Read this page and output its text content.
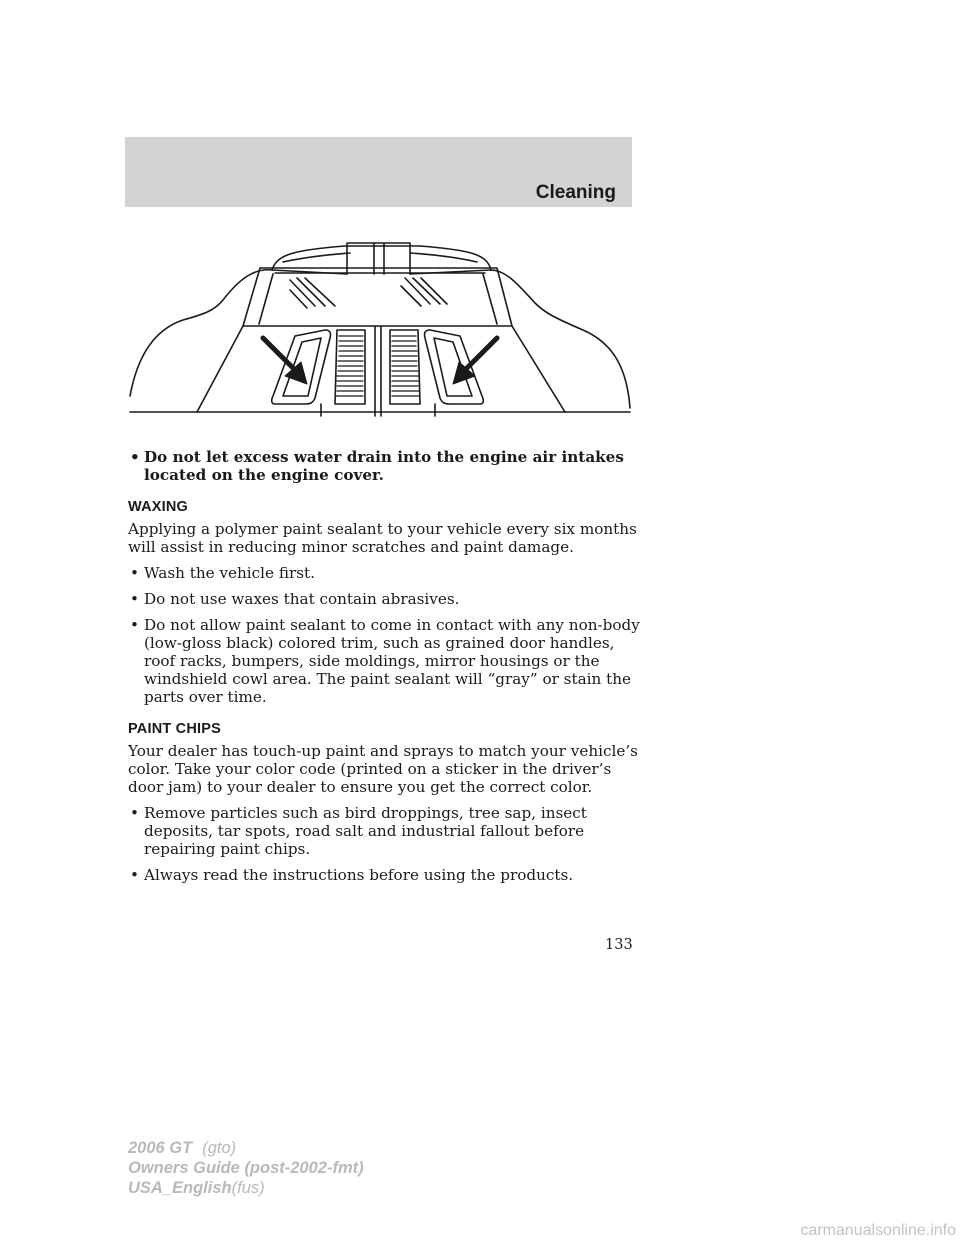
Cleaning
• Do not let excess water drain into the engine air intakes located on the engine cover.
WAXING

Applying a polymer paint sealant to your vehicle every six months will assist in reducing minor scratches and paint damage.

• Wash the vehicle first.
• Do not use waxes that contain abrasives.
• Do not allow paint sealant to come in contact with any non-body (low-gloss black) colored trim, such as grained door handles, roof racks, bumpers, side moldings, mirror housings or the windshield cowl area. The paint sealant will “gray” or stain the parts over time.
PAINT CHIPS

Your dealer has touch-up paint and sprays to match your vehicle’s color. Take your color code (printed on a sticker in the driver’s door jam) to your dealer to ensure you get the correct color.

• Remove particles such as bird droppings, tree sap, insect deposits, tar spots, road salt and industrial fallout before repairing paint chips.
• Always read the instructions before using the products.
133
2006 GT (gto)
Owners Guide (post-2002-fmt)
USA_English(fus)
carmanualsonline.info
